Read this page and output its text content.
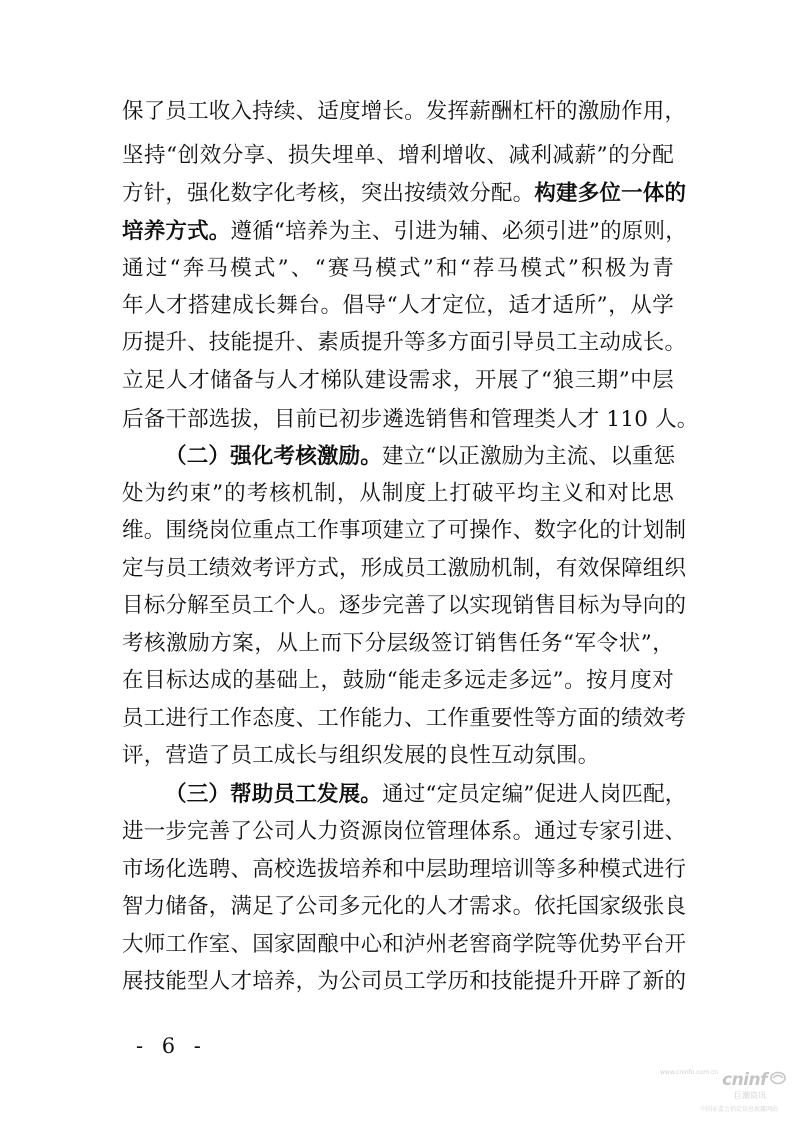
保了员工收入持续、适度增长。发挥薪酬杠杆的激励作用，
坚持“创效分享、损失埋单、增利增收、减利减薪”的分配
方针，强化数字化考核，突出按绩效分配。构建多位一体的
培养方式。遵循“培养为主、引进为辅、必须引进”的原则，
通过“奔马模式”、“赛马模式”和“荐马模式”积极为青
年人才搭建成长舞台。倡导“人才定位，适才适所”，从学
历提升、技能提升、素质提升等多方面引导员工主动成长。
立足人才储备与人才梯队建设需求，开展了“狼三期”中层
后备干部选拔，目前已初步遴选销售和管理类人才 110 人。
（二）强化考核激励。建立“以正激励为主流、以重惩
处为约束”的考核机制，从制度上打破平均主义和对比思
维。围绕岗位重点工作事项建立了可操作、数字化的计划制
定与员工绩效考评方式，形成员工激励机制，有效保障组织
目标分解至员工个人。逐步完善了以实现销售目标为导向的
考核激励方案，从上而下分层级签订销售任务“军令状”，
在目标达成的基础上，鼓励“能走多远走多远”。按月度对
员工进行工作态度、工作能力、工作重要性等方面的绩效考
评，营造了员工成长与组织发展的良性互动氛围。
（三）帮助员工发展。通过“定员定编”促进人岗匹配，
进一步完善了公司人力资源岗位管理体系。通过专家引进、
市场化选聘、高校选拔培养和中层助理培训等多种模式进行
智力储备，满足了公司多元化的人才需求。依托国家级张良
大师工作室、国家固酿中心和泸州老窖商学院等优势平台开
展技能型人才培养，为公司员工学历和技能提升开辟了新的
- 6 -
www.cninfo.com.cn cninf
巨潮资讯
中国证监会指定信息披露网站
